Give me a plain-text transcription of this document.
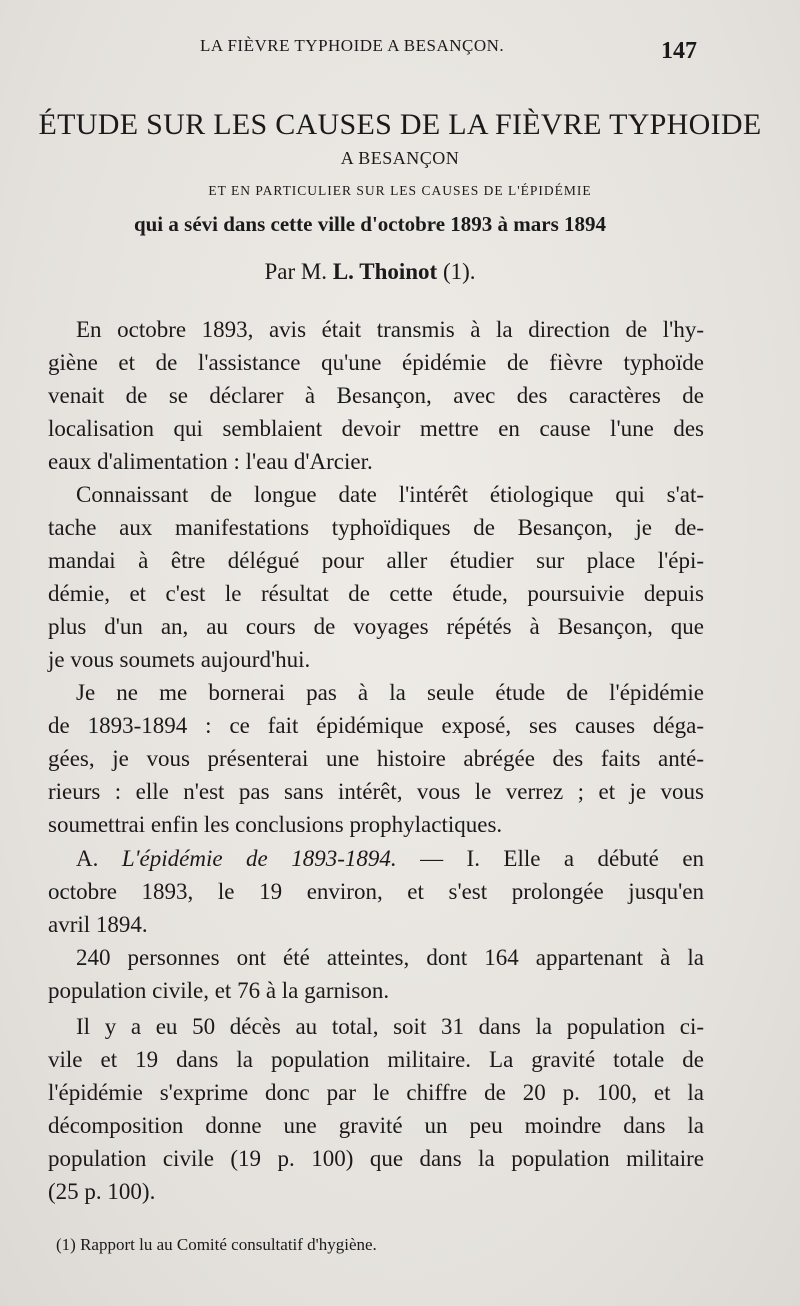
LA FIÈVRE TYPHOIDE A BESANÇON.	147
ÉTUDE SUR LES CAUSES DE LA FIÈVRE TYPHOIDE
A BESANÇON
ET EN PARTICULIER SUR LES CAUSES DE L'ÉPIDÉMIE
qui a sévi dans cette ville d'octobre 1893 à mars 1894
Par M. L. Thoinot (1).
En octobre 1893, avis était transmis à la direction de l'hy-
giène et de l'assistance qu'une épidémie de fièvre typhoïde
venait de se déclarer à Besançon, avec des caractères de
localisation qui semblaient devoir mettre en cause l'une des
eaux d'alimentation : l'eau d'Arcier.
Connaissant de longue date l'intérêt étiologique qui s'at-
tache aux manifestations typhoïdiques de Besançon, je de-
mandai à être délégué pour aller étudier sur place l'épi-
démie, et c'est le résultat de cette étude, poursuivie depuis
plus d'un an, au cours de voyages répétés à Besançon, que
je vous soumets aujourd'hui.
Je ne me bornerai pas à la seule étude de l'épidémie
de 1893-1894 : ce fait épidémique exposé, ses causes déga-
gées, je vous présenterai une histoire abrégée des faits anté-
rieurs : elle n'est pas sans intérêt, vous le verrez ; et je vous
soumettrai enfin les conclusions prophylactiques.
A. L'épidémie de 1893-1894. — I. Elle a débuté en
octobre 1893, le 19 environ, et s'est prolongée jusqu'en
avril 1894.
240 personnes ont été atteintes, dont 164 appartenant à la
population civile, et 76 à la garnison.
Il y a eu 50 décès au total, soit 31 dans la population ci-
vile et 19 dans la population militaire. La gravité totale de
l'épidémie s'exprime donc par le chiffre de 20 p. 100, et la
décomposition donne une gravité un peu moindre dans la
population civile (19 p. 100) que dans la population militaire
(25 p. 100).
(1) Rapport lu au Comité consultatif d'hygiène.
